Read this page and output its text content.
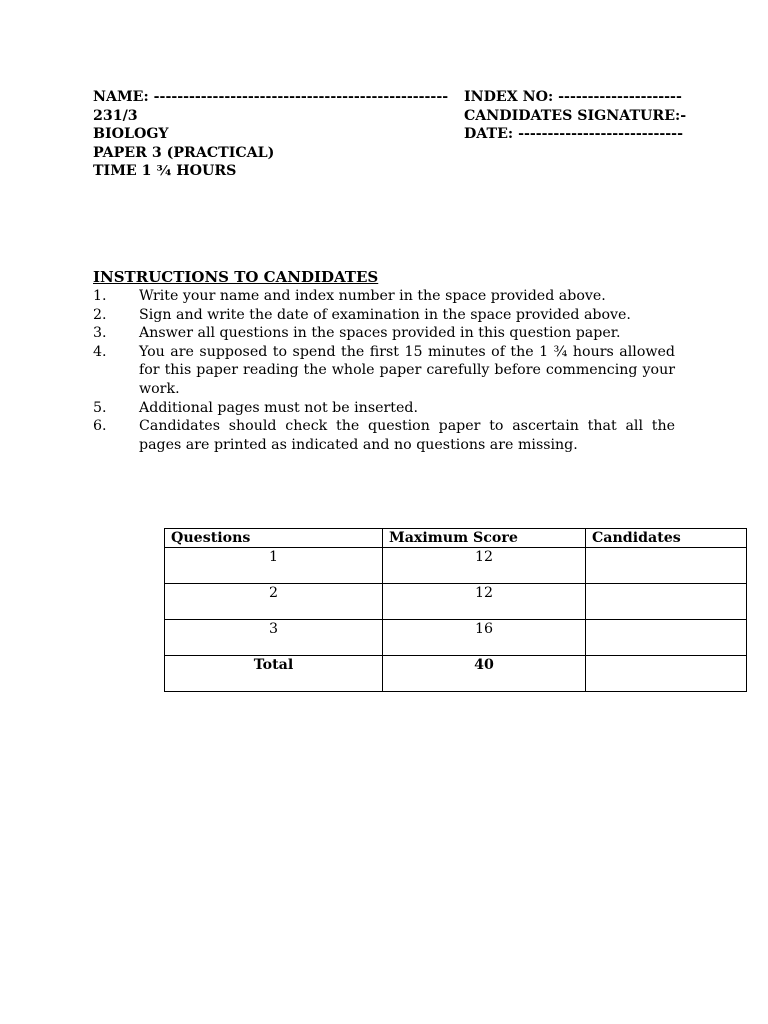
NAME: --------------------------------------------------
231/3
BIOLOGY
PAPER 3 (PRACTICAL)
TIME 1 ¾ HOURS
INDEX NO: ---------------------
CANDIDATES SIGNATURE:-
DATE: ----------------------------
INSTRUCTIONS TO CANDIDATES
1.	Write your name and index number in the space provided above.
2.	Sign and write the date of examination in the space provided above.
3.	Answer all questions in the spaces provided in this question paper.
4.	You are supposed to spend the first 15 minutes of the 1 ¾ hours allowed for this paper reading the whole paper carefully before commencing your work.
5.	Additional pages must not be inserted.
6.	Candidates should check the question paper to ascertain that all the pages are printed as indicated and no questions are missing.
Questions	Maximum Score	Candidates
1	12	
2	12	
3	16	
Total	40	
